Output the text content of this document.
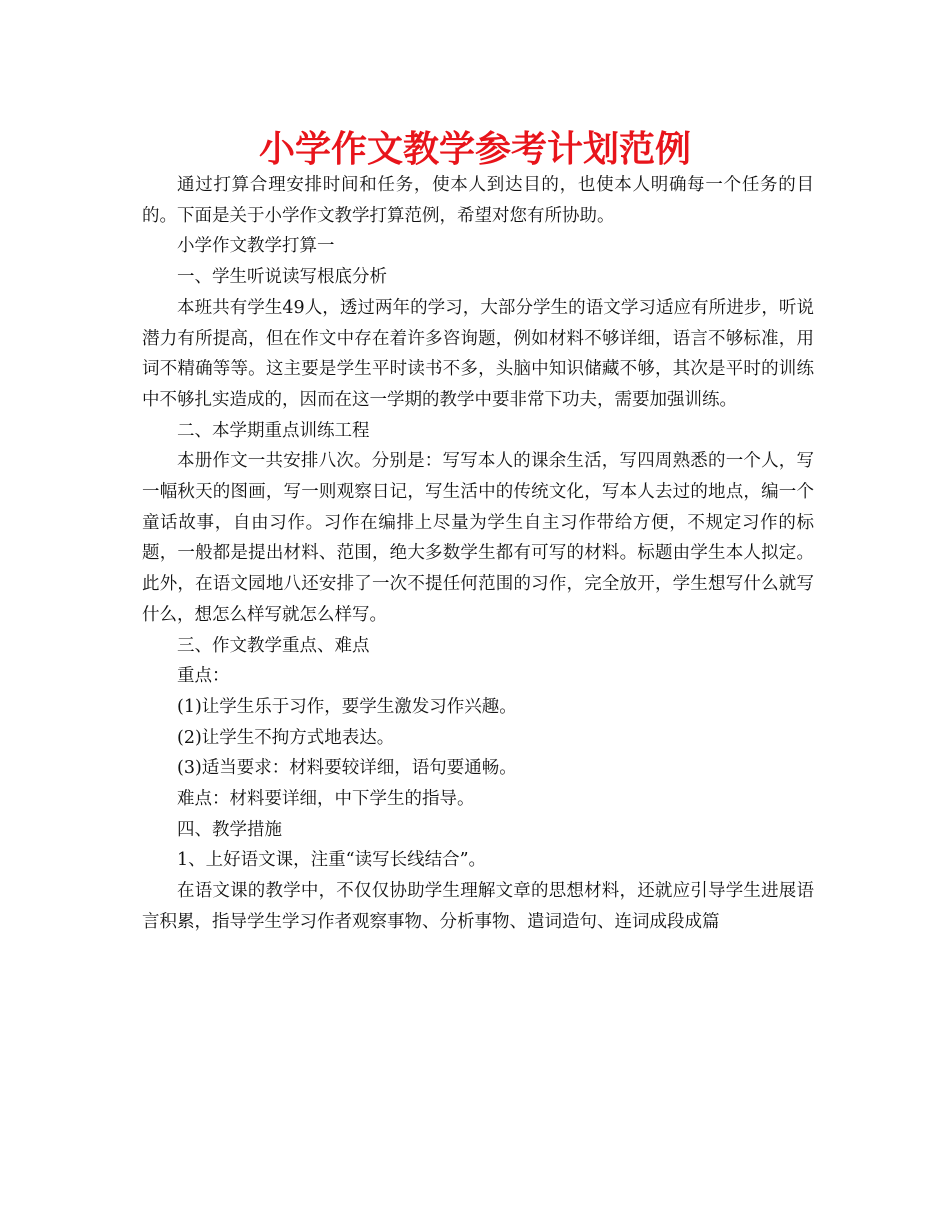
小学作文教学参考计划范例

通过打算合理安排时间和任务，使本人到达目的，也使本人明确每一个任务的目的。下面是关于小学作文教学打算范例，希望对您有所协助。

小学作文教学打算一

一、学生听说读写根底分析

本班共有学生49人，透过两年的学习，大部分学生的语文学习适应有所进步，听说潜力有所提高，但在作文中存在着许多咨询题，例如材料不够详细，语言不够标准，用词不精确等等。这主要是学生平时读书不多，头脑中知识储藏不够，其次是平时的训练中不够扎实造成的，因而在这一学期的教学中要非常下功夫，需要加强训练。

二、本学期重点训练工程

本册作文一共安排八次。分别是：写写本人的课余生活，写四周熟悉的一个人，写一幅秋天的图画，写一则观察日记，写生活中的传统文化，写本人去过的地点，编一个童话故事，自由习作。习作在编排上尽量为学生自主习作带给方便，不规定习作的标题，一般都是提出材料、范围，绝大多数学生都有可写的材料。标题由学生本人拟定。此外，在语文园地八还安排了一次不提任何范围的习作，完全放开，学生想写什么就写什么，想怎么样写就怎么样写。

三、作文教学重点、难点

重点：

(1)让学生乐于习作，要学生激发习作兴趣。

(2)让学生不拘方式地表达。

(3)适当要求：材料要较详细，语句要通畅。

难点：材料要详细，中下学生的指导。

四、教学措施

1、上好语文课，注重“读写长线结合”。

在语文课的教学中，不仅仅协助学生理解文章的思想材料，还就应引导学生进展语言积累，指导学生学习作者观察事物、分析事物、遣词造句、连词成段成篇
